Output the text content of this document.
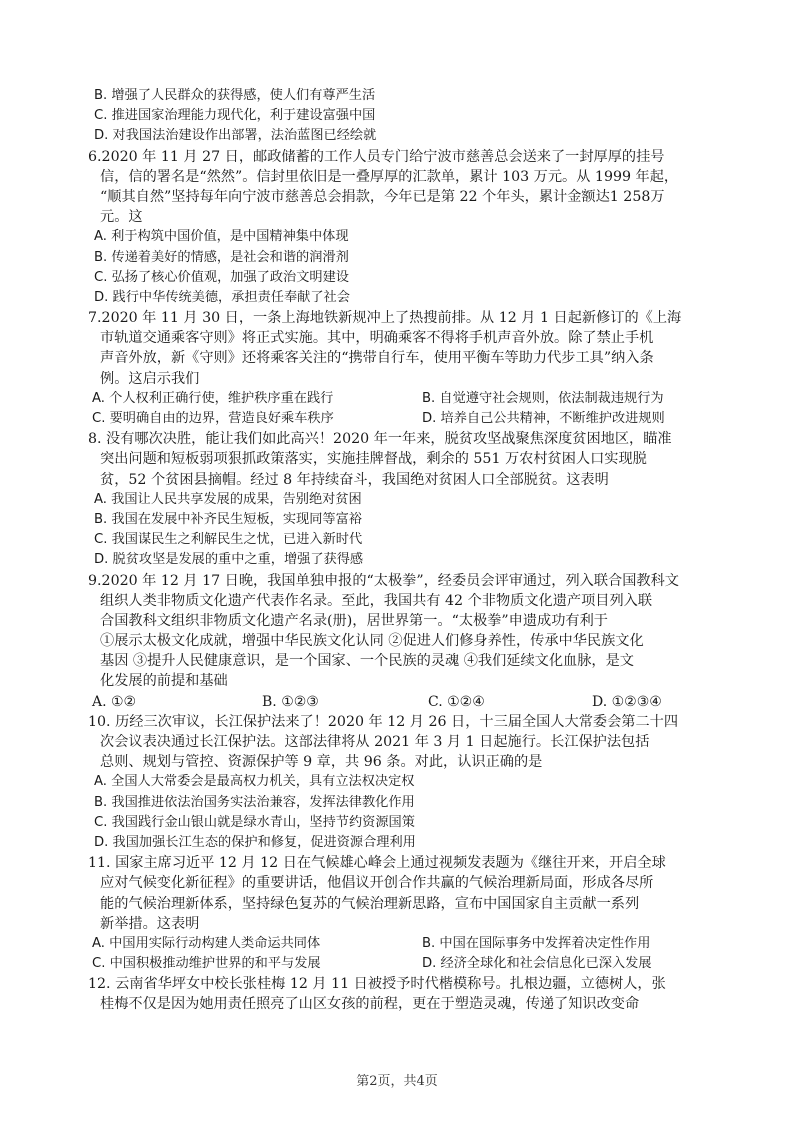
B. 增强了人民群众的获得感，使人们有尊严生活
C. 推进国家治理能力现代化，利于建设富强中国
D. 对我国法治建设作出部署，法治蓝图已经绘就
6.2020 年 11 月 27 日，邮政储蓄的工作人员专门给宁波市慈善总会送来了一封厚厚的挂号
信，信的署名是“然然”。信封里依旧是一叠厚厚的汇款单，累计 103 万元。从 1999 年起，
“顺其自然”坚持每年向宁波市慈善总会捐款，今年已是第 22 个年头，累计金额达1 258万
元。这
A. 利于构筑中国价值，是中国精神集中体现
B. 传递着美好的情感，是社会和谐的润滑剂
C. 弘扬了核心价值观，加强了政治文明建设
D. 践行中华传统美德，承担责任奉献了社会
7.2020 年 11 月 30 日，一条上海地铁新规冲上了热搜前排。从 12 月 1 日起新修订的《上海
市轨道交通乘客守则》将正式实施。其中，明确乘客不得将手机声音外放。除了禁止手机
声音外放，新《守则》还将乘客关注的“携带自行车，使用平衡车等助力代步工具”纳入条
例。这启示我们
A. 个人权利正确行使，维护秩序重在践行	B. 自觉遵守社会规则，依法制裁违规行为
C. 要明确自由的边界，营造良好乘车秩序	D. 培养自己公共精神，不断维护改进规则
8. 没有哪次决胜，能让我们如此高兴！2020 年一年来，脱贫攻坚战聚焦深度贫困地区，瞄准
突出问题和短板弱项狠抓政策落实，实施挂牌督战，剩余的 551 万农村贫困人口实现脱
贫，52 个贫困县摘帽。经过 8 年持续奋斗，我国绝对贫困人口全部脱贫。这表明
A. 我国让人民共享发展的成果，告别绝对贫困
B. 我国在发展中补齐民生短板，实现同等富裕
C. 我国谋民生之利解民生之忧，已进入新时代
D. 脱贫攻坚是发展的重中之重，增强了获得感
9.2020 年 12 月 17 日晚，我国单独申报的“太极拳”，经委员会评审通过，列入联合国教科文
组织人类非物质文化遗产代表作名录。至此，我国共有 42 个非物质文化遗产项目列入联
合国教科文组织非物质文化遗产名录(册)，居世界第一。“太极拳”申遗成功有利于
①展示太极文化成就，增强中华民族文化认同 ②促进人们修身养性，传承中华民族文化
基因 ③提升人民健康意识，是一个国家、一个民族的灵魂 ④我们延续文化血脉，是文
化发展的前提和基础
A. ①②	B. ①②③	C. ①②④	D. ①②③④
10. 历经三次审议，长江保护法来了！2020 年 12 月 26 日，十三届全国人大常委会第二十四
次会议表决通过长江保护法。这部法律将从 2021 年 3 月 1 日起施行。长江保护法包括
总则、规划与管控、资源保护等 9 章，共 96 条。对此，认识正确的是
A. 全国人大常委会是最高权力机关，具有立法权决定权
B. 我国推进依法治国务实法治兼容，发挥法律教化作用
C. 我国践行金山银山就是绿水青山，坚持节约资源国策
D. 我国加强长江生态的保护和修复，促进资源合理利用
11. 国家主席习近平 12 月 12 日在气候雄心峰会上通过视频发表题为《继往开来，开启全球
应对气候变化新征程》的重要讲话，他倡议开创合作共赢的气候治理新局面，形成各尽所
能的气候治理新体系，坚持绿色复苏的气候治理新思路，宣布中国国家自主贡献一系列
新举措。这表明
A. 中国用实际行动构建人类命运共同体	B. 中国在国际事务中发挥着决定性作用
C. 中国积极推动维护世界的和平与发展	D. 经济全球化和社会信息化已深入发展
12. 云南省华坪女中校长张桂梅 12 月 11 日被授予时代楷模称号。扎根边疆，立德树人，张
桂梅不仅是因为她用责任照亮了山区女孩的前程，更在于塑造灵魂，传递了知识改变命
第2页，共4页
